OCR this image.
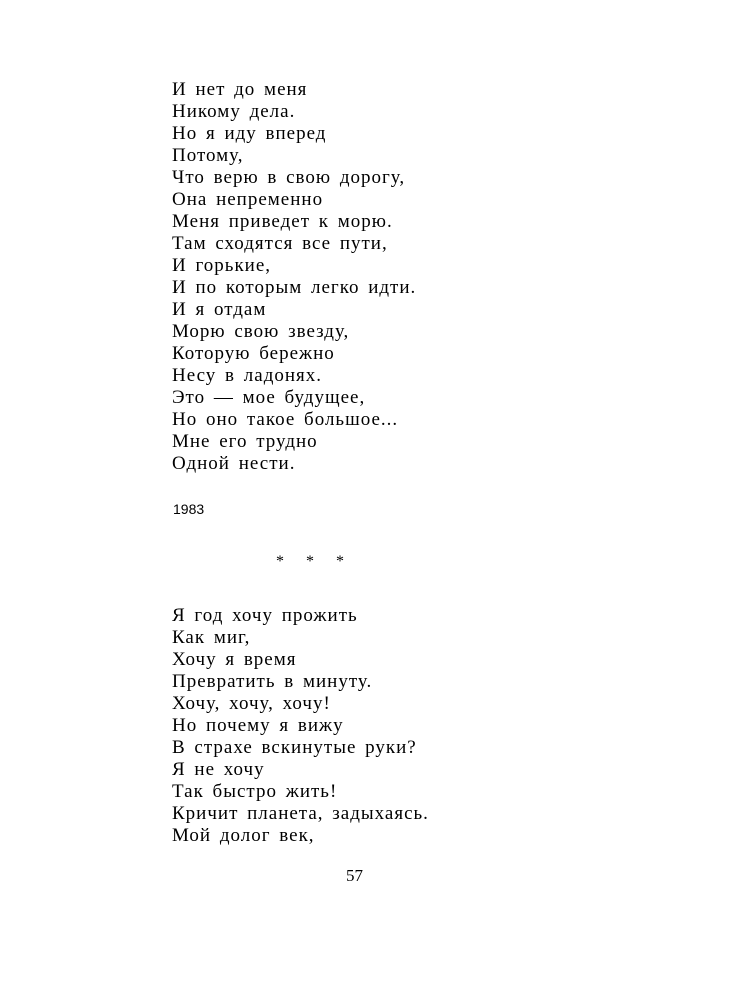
И нет до меня
Никому дела.
Но я иду вперед
Потому,
Что верю в свою дорогу,
Она непременно
Меня приведет к морю.
Там сходятся все пути,
И горькие,
И по которым легко идти.
И я отдам
Морю свою звезду,
Которую бережно
Несу в ладонях.
Это — мое будущее,
Но оно такое большое...
Мне его трудно
Одной нести.
1983
* * *
Я год хочу прожить
Как миг,
Хочу я время
Превратить в минуту.
Хочу, хочу, хочу!
Но почему я вижу
В страхе вскинутые руки?
Я не хочу
Так быстро жить!
Кричит планета, задыхаясь.
Мой долог век,
57
